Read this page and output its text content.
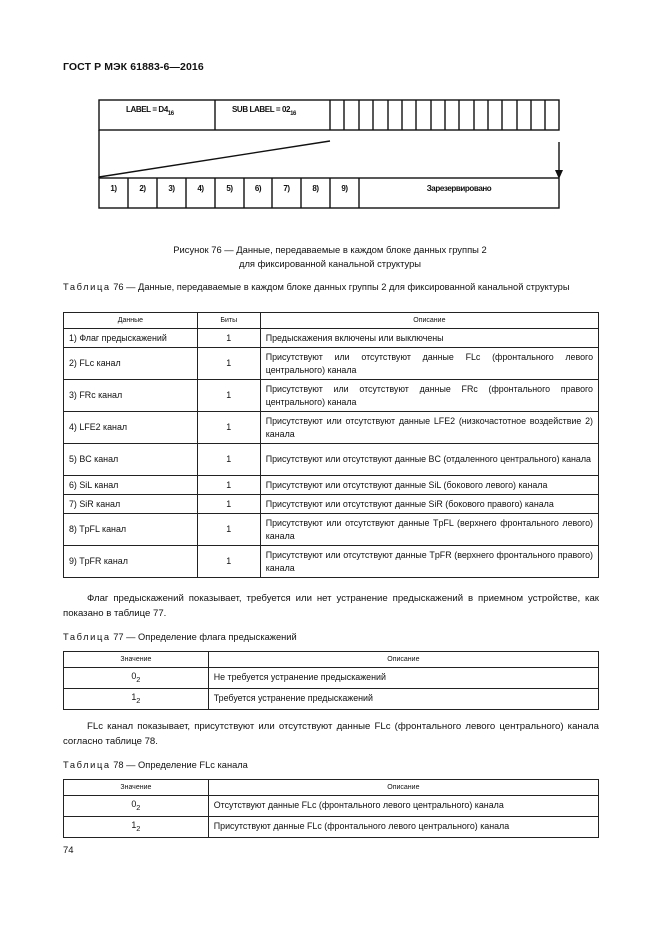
ГОСТ Р МЭК 61883-6—2016
LABEL = $D4_{16}$	SUB LABEL = $02_{16}$
1)	2)	3)	4)	5)	6)	7)	8)	9)	Зарезервировано
Рисунок 76 — Данные, передаваемые в каждом блоке данных группы 2
для фиксированной канальной структуры
Таблица 76 — Данные, передаваемые в каждом блоке данных группы 2 для фиксированной канальной структуры
Данные	Биты	Описание
1) Флаг предыскажений	1	Предыскажения включены или выключены
2) FLc канал	1	Присутствуют или отсутствуют данные FLc (фронтального левого центрального) канала
3) FRc канал	1	Присутствуют или отсутствуют данные FRc (фронтального правого центрального) канала
4) LFE2 канал	1	Присутствуют или отсутствуют данные LFE2 (низкочастотное воздействие 2) канала
5) BC канал	1	Присутствуют или отсутствуют данные BC (отдаленного центрального) канала
6) SiL канал	1	Присутствуют или отсутствуют данные SiL (бокового левого) канала
7) SiR канал	1	Присутствуют или отсутствуют данные SiR (бокового правого) канала
8) TpFL канал	1	Присутствуют или отсутствуют данные TpFL (верхнего фронтального левого) канала
9) TpFR канал	1	Присутствуют или отсутствуют данные TpFR (верхнего фронтального правого) канала
Флаг предыскажений показывает, требуется или нет устранение предыскажений в приемном устройстве, как показано в таблице 77.
Таблица 77 — Определение флага предыскажений
Значение	Описание
$0_2$	Не требуется устранение предыскажений
$1_2$	Требуется устранение предыскажений
FLc канал показывает, присутствуют или отсутствуют данные FLc (фронтального левого центрального) канала согласно таблице 78.
Таблица 78 — Определение FLc канала
Значение	Описание
$0_2$	Отсутствуют данные FLc (фронтального левого центрального) канала
$1_2$	Присутствуют данные FLc (фронтального левого центрального) канала
74
